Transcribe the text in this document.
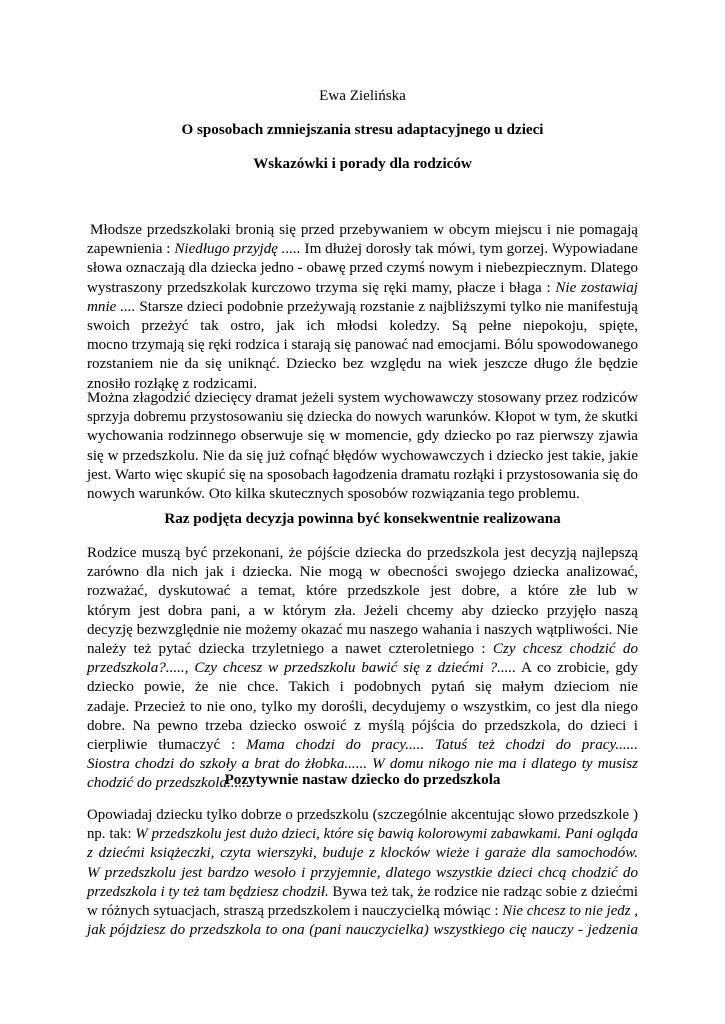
Ewa Zielińska
O sposobach zmniejszania stresu adaptacyjnego u dzieci
Wskazówki i porady dla rodziców
Młodsze przedszkolaki bronią się przed przebywaniem w obcym miejscu i nie pomagają
zapewnienia : Niedługo przyjdę ..... Im dłużej dorosły tak mówi, tym gorzej. Wypowiadane
słowa oznaczają dla dziecka jedno - obawę przed czymś nowym i niebezpiecznym. Dlatego
wystraszony przedszkolak kurczowo trzyma się ręki mamy, płacze i błaga : Nie zostawiaj
mnie .... Starsze dzieci podobnie przeżywają rozstanie z najbliższymi tylko nie manifestują
swoich przeżyć tak ostro, jak ich młodsi koledzy. Są pełne niepokoju, spięte,
mocno trzymają się ręki rodzica i starają się panować nad emocjami. Bólu spowodowanego
rozstaniem nie da się uniknąć. Dziecko bez względu na wiek jeszcze długo źle będzie
znosiło rozłąkę z rodzicami.
Można złagodzić dziecięcy dramat jeżeli system wychowawczy stosowany przez rodziców
sprzyja dobremu przystosowaniu się dziecka do nowych warunków. Kłopot w tym, że skutki
wychowania rodzinnego obserwuje się w momencie, gdy dziecko po raz pierwszy zjawia
się w przedszkolu. Nie da się już cofnąć błędów wychowawczych i dziecko jest takie, jakie
jest. Warto więc skupić się na sposobach łagodzenia dramatu rozłąki i przystosowania się do
nowych warunków. Oto kilka skutecznych sposobów rozwiązania tego problemu.
Raz podjęta decyzja powinna być konsekwentnie realizowana
Rodzice muszą być przekonani, że pójście dziecka do przedszkola jest decyzją najlepszą
zarówno dla nich jak i dziecka. Nie mogą w obecności swojego dziecka analizować,
rozważać, dyskutować a temat, które przedszkole jest dobre, a które złe lub w
którym jest dobra pani, a w którym zła. Jeżeli chcemy aby dziecko przyjęło naszą
decyzję bezwzględnie nie możemy okazać mu naszego wahania i naszych wątpliwości. Nie
należy też pytać dziecka trzyletniego a nawet czteroletniego : Czy chcesz chodzić do
przedszkola?....., Czy chcesz w przedszkolu bawić się z dziećmi ?..... A co zrobicie, gdy
dziecko powie, że nie chce. Takich i podobnych pytań się małym dzieciom nie
zadaje. Przecież to nie ono, tylko my dorośli, decydujemy o wszystkim, co jest dla niego
dobre. Na pewno trzeba dziecko oswoić z myślą pójścia do przedszkola, do dzieci i
cierpliwie tłumaczyć : Mama chodzi do pracy..... Tatuś też chodzi do pracy......
Siostra chodzi do szkoły a brat do żłobka...... W domu nikogo nie ma i dlatego ty musisz
chodzić do przedszkola......
Pozytywnie nastaw dziecko do przedszkola
Opowiadaj dziecku tylko dobrze o przedszkolu (szczególnie akcentując słowo przedszkole )
np. tak: W przedszkolu jest dużo dzieci, które się bawią kolorowymi zabawkami. Pani ogląda
z dziećmi książeczki, czyta wierszyki, buduje z klocków wieże i garaże dla samochodów.
W przedszkolu jest bardzo wesoło i przyjemnie, dlatego wszystkie dzieci chcą chodzić do
przedszkola i ty też tam będziesz chodził. Bywa też tak, że rodzice nie radząc sobie z dziećmi
w różnych sytuacjach, straszą przedszkolem i nauczycielką mówiąc : Nie chcesz to nie jedz ,
jak pójdziesz do przedszkola to ona (pani nauczycielka) wszystkiego cię nauczy - jedzenia
